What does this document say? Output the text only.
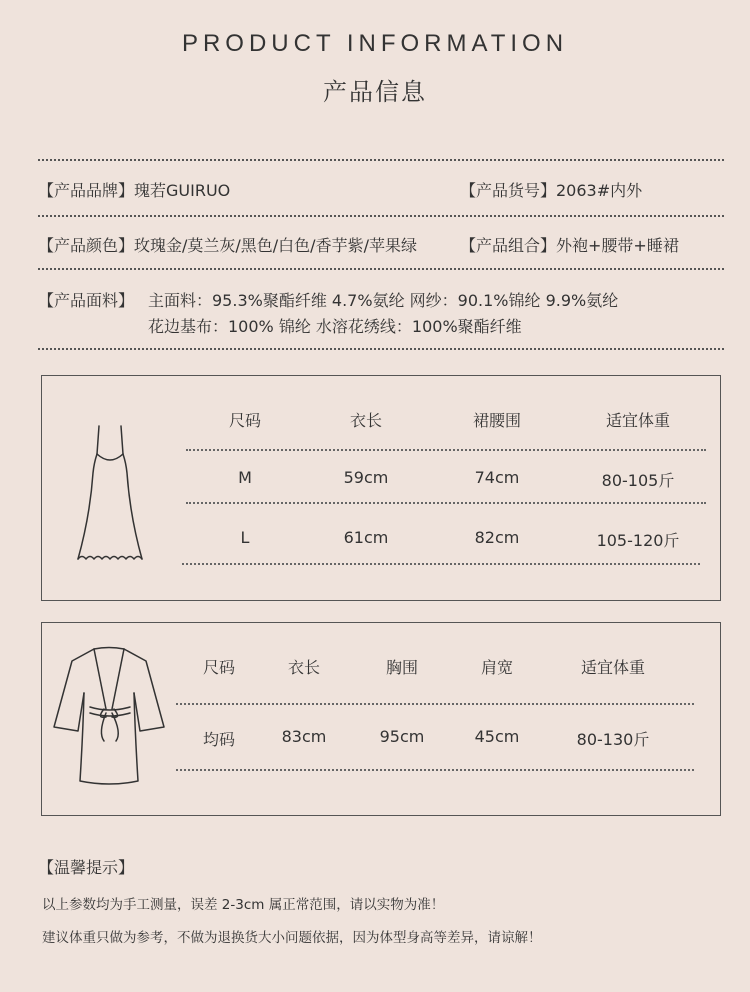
PRODUCT INFORMATION
产品信息
【产品品牌】瑰若GUIRUO	【产品货号】2063#内外
【产品颜色】玫瑰金/莫兰灰/黑色/白色/香芋紫/苹果绿	【产品组合】外袍+腰带+睡裙
【产品面料】 主面料：95.3%聚酯纤维 4.7%氨纶 网纱：90.1%锦纶 9.9%氨纶
花边基布：100% 锦纶 水溶花绣线：100%聚酯纤维
尺码	衣长	裙腰围	适宜体重
M	59cm	74cm	80-105斤
L	61cm	82cm	105-120斤
尺码	衣长	胸围	肩宽	适宜体重
均码	83cm	95cm	45cm	80-130斤
【温馨提示】
以上参数均为手工测量，误差 2-3cm 属正常范围，请以实物为准！
建议体重只做为参考，不做为退换货大小问题依据，因为体型身高等差异，请谅解！
